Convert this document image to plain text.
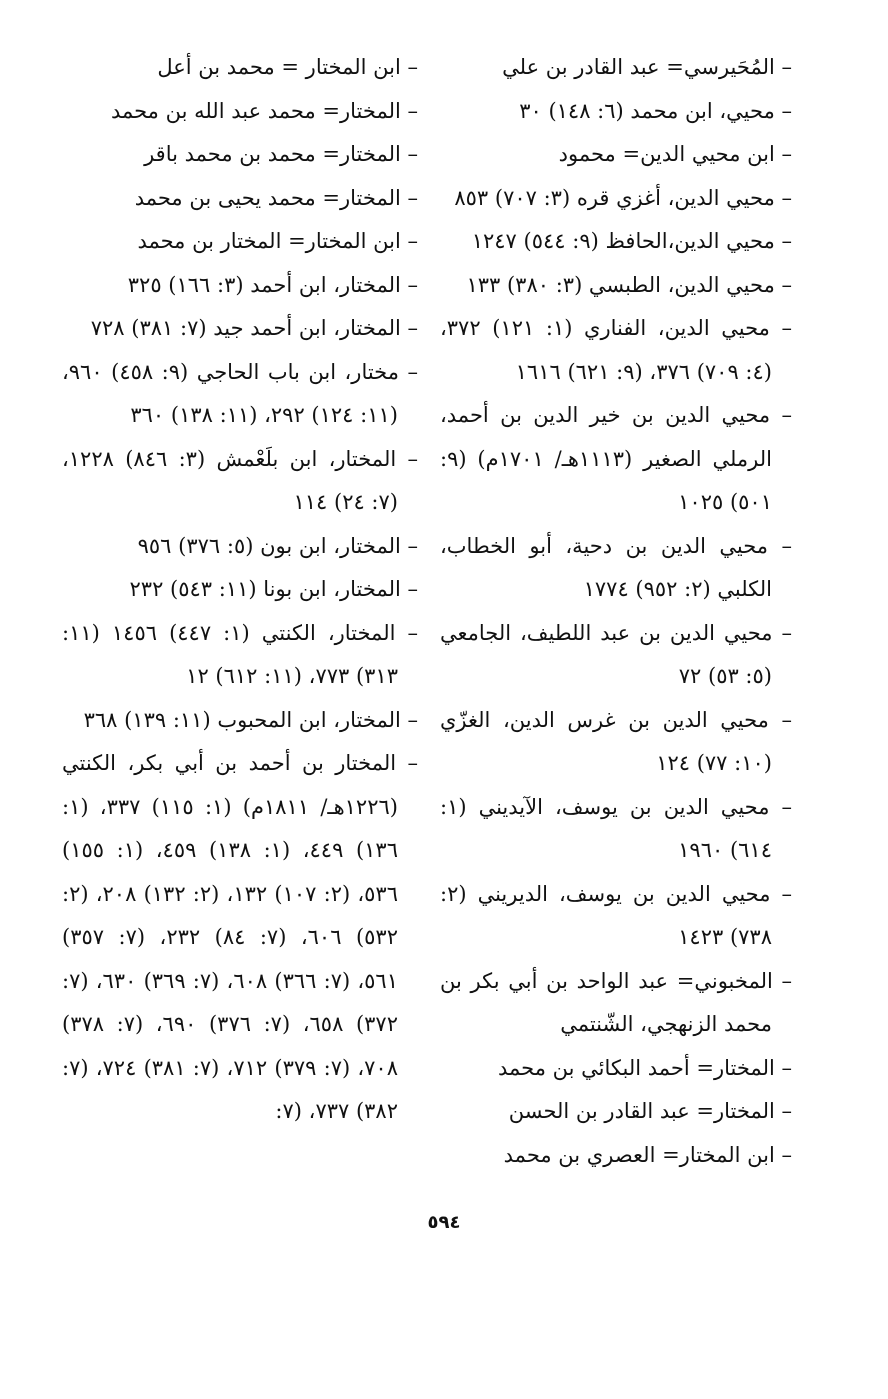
– المُحَيرسي= عبد القادر بن علي

– محيي، ابن محمد (٦: ١٤٨) ٣٠

– ابن محيي الدين= محمود

– محيي الدين، أغزي قره (٣: ٧٠٧) ٨٥٣

– محيي الدين،الحافظ (٩: ٥٤٤) ١٢٤٧

– محيي الدين، الطبسي (٣: ٣٨٠) ١٣٣

– محيي الدين، الفناري (١: ١٢١) ٣٧٢، (٤: ٧٠٩) ٣٧٦، (٩: ٦٢١) ١٦١٦

– محيي الدين بن خير الدين بن أحمد، الرملي الصغير (١١١٣هـ/ ١٧٠١م) (٩: ٥٠١) ١٠٢٥

– محيي الدين بن دحية، أبو الخطاب، الكلبي (٢: ٩٥٢) ١٧٧٤

– محيي الدين بن عبد اللطيف، الجامعي (٥: ٥٣) ٧٢

– محيي الدين بن غرس الدين، الغزّي (١٠: ٧٧) ١٢٤

– محيي الدين بن يوسف، الآيديني (١: ٦١٤) ١٩٦٠

– محيي الدين بن يوسف، الديريني (٢: ٧٣٨) ١٤٢٣

– المخبوني= عبد الواحد بن أبي بكر بن محمد الزنهجي، الشّنتمي

– المختار= أحمد البكائي بن محمد

– المختار= عبد القادر بن الحسن

– ابن المختار= العصري بن محمد

– ابن المختار = محمد بن أعل

– المختار= محمد عبد الله بن محمد

– المختار= محمد بن محمد باقر

– المختار= محمد يحيى بن محمد

– ابن المختار= المختار بن محمد

– المختار، ابن أحمد (٣: ١٦٦) ٣٢٥

– المختار، ابن أحمد جيد (٧: ٣٨١) ٧٢٨

– مختار، ابن باب الحاجي (٩: ٤٥٨) ٩٦٠، (١١: ١٢٤) ٢٩٢، (١١: ١٣٨) ٣٦٠

– المختار، ابن بلَعْمش (٣: ٨٤٦) ١٢٢٨، (٧: ٢٤) ١١٤

– المختار، ابن بون (٥: ٣٧٦) ٩٥٦

– المختار، ابن بونا (١١: ٥٤٣) ٢٣٢

– المختار، الكنتي (١: ٤٤٧) ١٤٥٦ (١١: ٣١٣) ٧٧٣، (١١: ٦١٢) ١٢

– المختار، ابن المحبوب (١١: ١٣٩) ٣٦٨

– المختار بن أحمد بن أبي بكر، الكنتي (١٢٢٦هـ/ ١٨١١م) (١: ١١٥) ٣٣٧، (١: ١٣٦) ٤٤٩، (١: ١٣٨) ٤٥٩، (١: ١٥٥) ٥٣٦، (٢: ١٠٧) ١٣٢، (٢: ١٣٢) ٢٠٨، (٢: ٥٣٢) ٦٠٦، (٧: ٨٤) ٢٣٢، (٧: ٣٥٧) ٥٦١، (٧: ٣٦٦) ٦٠٨، (٧: ٣٦٩) ٦٣٠، (٧: ٣٧٢) ٦٥٨، (٧: ٣٧٦) ٦٩٠، (٧: ٣٧٨) ٧٠٨، (٧: ٣٧٩) ٧١٢، (٧: ٣٨١) ٧٢٤، (٧: ٣٨٢) ٧٣٧، (٧:

٥٩٤
